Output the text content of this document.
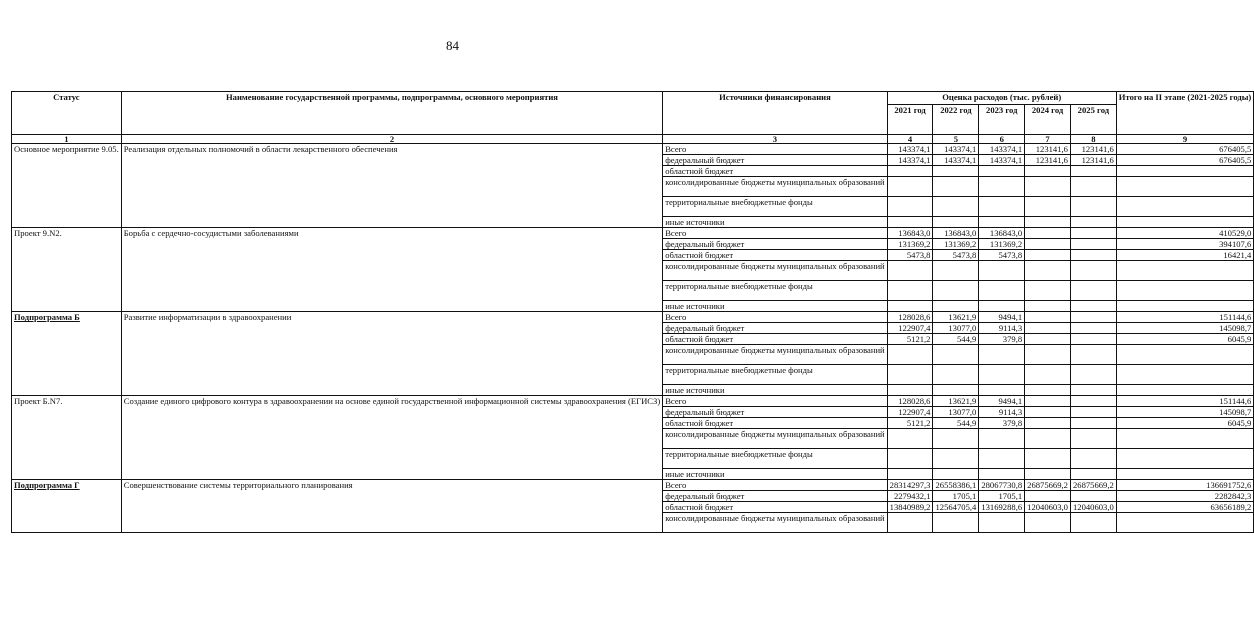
84
Статус	Наименование государственной программы, подпрограммы, основного мероприятия	Источники финансирования	Оценка расходов (тыс. рублей)					Итого на II этапе (2021-2025 годы)
			2021 год	2022 год	2023 год	2024 год	2025 год	
1	2	3	4	5	6	7	8	9
Основное мероприятие 9.05.	Реализация отдельных полномочий в области лекарственного обеспечения	Всего	143374,1	143374,1	143374,1	123141,6	123141,6	676405,5
		федеральный бюджет	143374,1	143374,1	143374,1	123141,6	123141,6	676405,5
		областной бюджет						
		консолидированные бюджеты муниципальных образований						
		территориальные внебюджетные фонды						
		иные источники						
Проект 9.N2.	Борьба с сердечно-сосудистыми заболеваниями	Всего	136843,0	136843,0	136843,0			410529,0
		федеральный бюджет	131369,2	131369,2	131369,2			394107,6
		областной бюджет	5473,8	5473,8	5473,8			16421,4
		консолидированные бюджеты муниципальных образований						
		территориальные внебюджетные фонды						
		иные источники						
Подпрограмма Б	Развитие информатизации в здравоохранении	Всего	128028,6	13621,9	9494,1			151144,6
		федеральный бюджет	122907,4	13077,0	9114,3			145098,7
		областной бюджет	5121,2	544,9	379,8			6045,9
		консолидированные бюджеты муниципальных образований						
		территориальные внебюджетные фонды						
		иные источники						
Проект Б.N7.	Создание единого цифрового контура в здравоохранении на основе единой государственной информационной системы здравоохранения (ЕГИСЗ)	Всего	128028,6	13621,9	9494,1			151144,6
		федеральный бюджет	122907,4	13077,0	9114,3			145098,7
		областной бюджет	5121,2	544,9	379,8			6045,9
		консолидированные бюджеты муниципальных образований						
		территориальные внебюджетные фонды						
		иные источники						
Подпрограмма Г	Совершенствование системы территориального планирования	Всего	28314297,3	26558386,1	28067730,8	26875669,2	26875669,2	136691752,6
		федеральный бюджет	2279432,1	1705,1	1705,1			2282842,3
		областной бюджет	13840989,2	12564705,4	13169288,6	12040603,0	12040603,0	63656189,2
		консолидированные бюджеты муниципальных образований						
